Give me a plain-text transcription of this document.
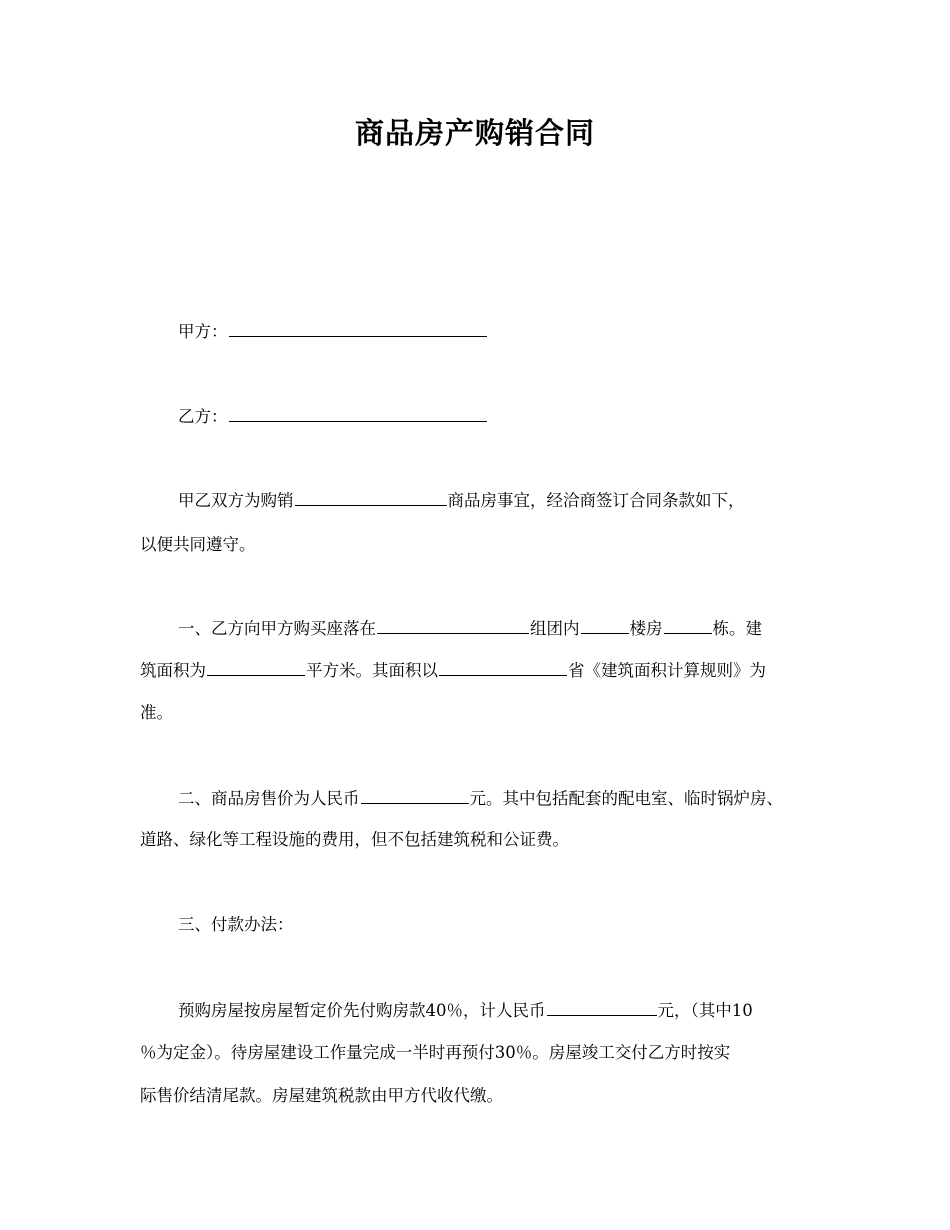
商品房产购销合同
甲方：
乙方：
甲乙双方为购销	商品房事宜，经洽商签订合同条款如下，
以便共同遵守。
一、乙方向甲方购买座落在	组团内	楼房	栋。建
筑面积为	平方米。其面积以	省《建筑面积计算规则》为
准。
二、商品房售价为人民币	元。其中包括配套的配电室、临时锅炉房、
道路、绿化等工程设施的费用，但不包括建筑税和公证费。
三、付款办法：
预购房屋按房屋暂定价先付购房款40％，计人民币	元，（其中10
％为定金）。待房屋建设工作量完成一半时再预付30％。房屋竣工交付乙方时按实
际售价结清尾款。房屋建筑税款由甲方代收代缴。
